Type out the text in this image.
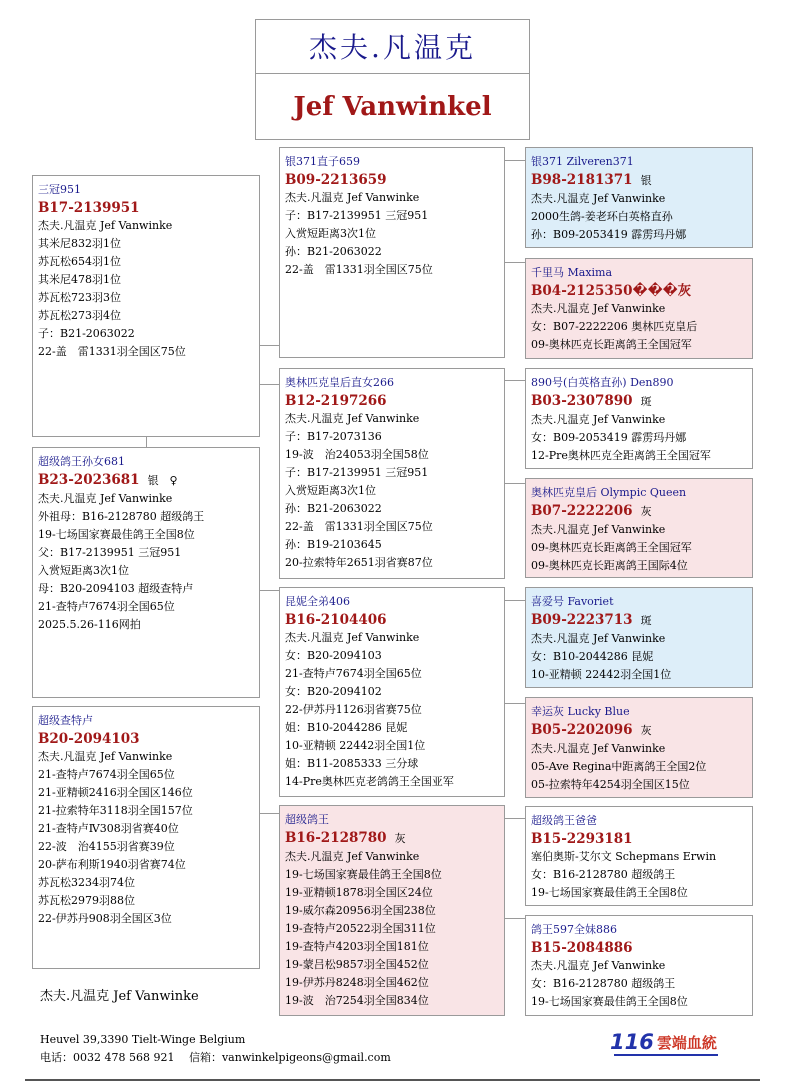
杰夫.凡温克
Jef Vanwinkel
三冠951
B17-2139951
杰夫.凡温克 Jef Vanwinke
其米尼832羽1位
苏瓦松654羽1位
其米尼478羽1位
苏瓦松723羽3位
苏瓦松273羽4位
子：B21-2063022
22-盖　雷1331羽全国区75位
超级鸽王孙女681
B23-2023681 银　♀
杰夫.凡温克 Jef Vanwinke
外祖母：B16-2128780 超级鸽王
19-七场国家赛最佳鸽王全国8位
父：B17-2139951 三冠951
入赏短距离3次1位
母：B20-2094103 超级查特卢
21-查特卢7674羽全国65位
2025.5.26-116网拍
超级查特卢
B20-2094103
杰夫.凡温克 Jef Vanwinke
21-查特卢7674羽全国65位
21-亚精顿2416羽全国区146位
21-拉索特年3118羽全国157位
21-查特卢Ⅳ308羽省赛40位
22-波　治4155羽省赛39位
20-萨布利斯1940羽省赛74位
苏瓦松3234羽74位
苏瓦松2979羽88位
22-伊苏丹908羽全国区3位
银371直子659
B09-2213659
杰夫.凡温克 Jef Vanwinke
子：B17-2139951 三冠951
入赏短距离3次1位
孙：B21-2063022
22-盖　雷1331羽全国区75位
奥林匹克皇后直女266
B12-2197266
杰夫.凡温克 Jef Vanwinke
子：B17-2073136
19-波　治24053羽全国58位
子：B17-2139951 三冠951
入赏短距离3次1位
孙：B21-2063022
22-盖　雷1331羽全国区75位
孙：B19-2103645
20-拉索特年2651羽省赛87位
昆妮全弟406
B16-2104406
杰夫.凡温克 Jef Vanwinke
女：B20-2094103
21-查特卢7674羽全国65位
女：B20-2094102
22-伊苏丹1126羽省赛75位
姐：B10-2044286 昆妮
10-亚精顿 22442羽全国1位
姐：B11-2085333 三分球
14-Pre奥林匹克老鸽鸽王全国亚军
超级鸽王
B16-2128780 灰
杰夫.凡温克 Jef Vanwinke
19-七场国家赛最佳鸽王全国8位
19-亚精顿1878羽全国区24位
19-威尔森20956羽全国238位
19-查特卢20522羽全国311位
19-查特卢4203羽全国181位
19-蒙吕松9857羽全国452位
19-伊苏丹8248羽全国462位
19-波　治7254羽全国834位
银371 Zilveren371
B98-2181371 银
杰夫.凡温克 Jef Vanwinke
2000生鸽-姜老环白英格直孙
孙：B09-2053419 霹雳玛丹娜
千里马 Maxima
B04-2125350���灰
杰夫.凡温克 Jef Vanwinke
女：B07-2222206 奥林匹克皇后
09-奥林匹克长距离鸽王全国冠军
890号(白英格直孙) Den890
B03-2307890 斑
杰夫.凡温克 Jef Vanwinke
女：B09-2053419 霹雳玛丹娜
12-Pre奥林匹克全距离鸽王全国冠军
奥林匹克皇后 Olympic Queen
B07-2222206 灰
杰夫.凡温克 Jef Vanwinke
09-奥林匹克长距离鸽王全国冠军
09-奥林匹克长距离鸽王国际4位
喜爱号 Favoriet
B09-2223713 斑
杰夫.凡温克 Jef Vanwinke
女：B10-2044286 昆妮
10-亚精顿 22442羽全国1位
幸运灰 Lucky Blue
B05-2202096 灰
杰夫.凡温克 Jef Vanwinke
05-Ave Regina中距离鸽王全国2位
05-拉索特年4254羽全国区15位
超级鸽王爸爸
B15-2293181
塞伯奥斯-艾尔文 Schepmans Erwin
女：B16-2128780 超级鸽王
19-七场国家赛最佳鸽王全国8位
鸽王597全妹886
B15-2084886
杰夫.凡温克 Jef Vanwinke
女：B16-2128780 超级鸽王
19-七场国家赛最佳鸽王全国8位
杰夫.凡温克 Jef Vanwinke
Heuvel 39,3390 Tielt-Winge Belgium
电话：0032 478 568 921　 信箱：vanwinkelpigeons@gmail.com
116 雲端血統
